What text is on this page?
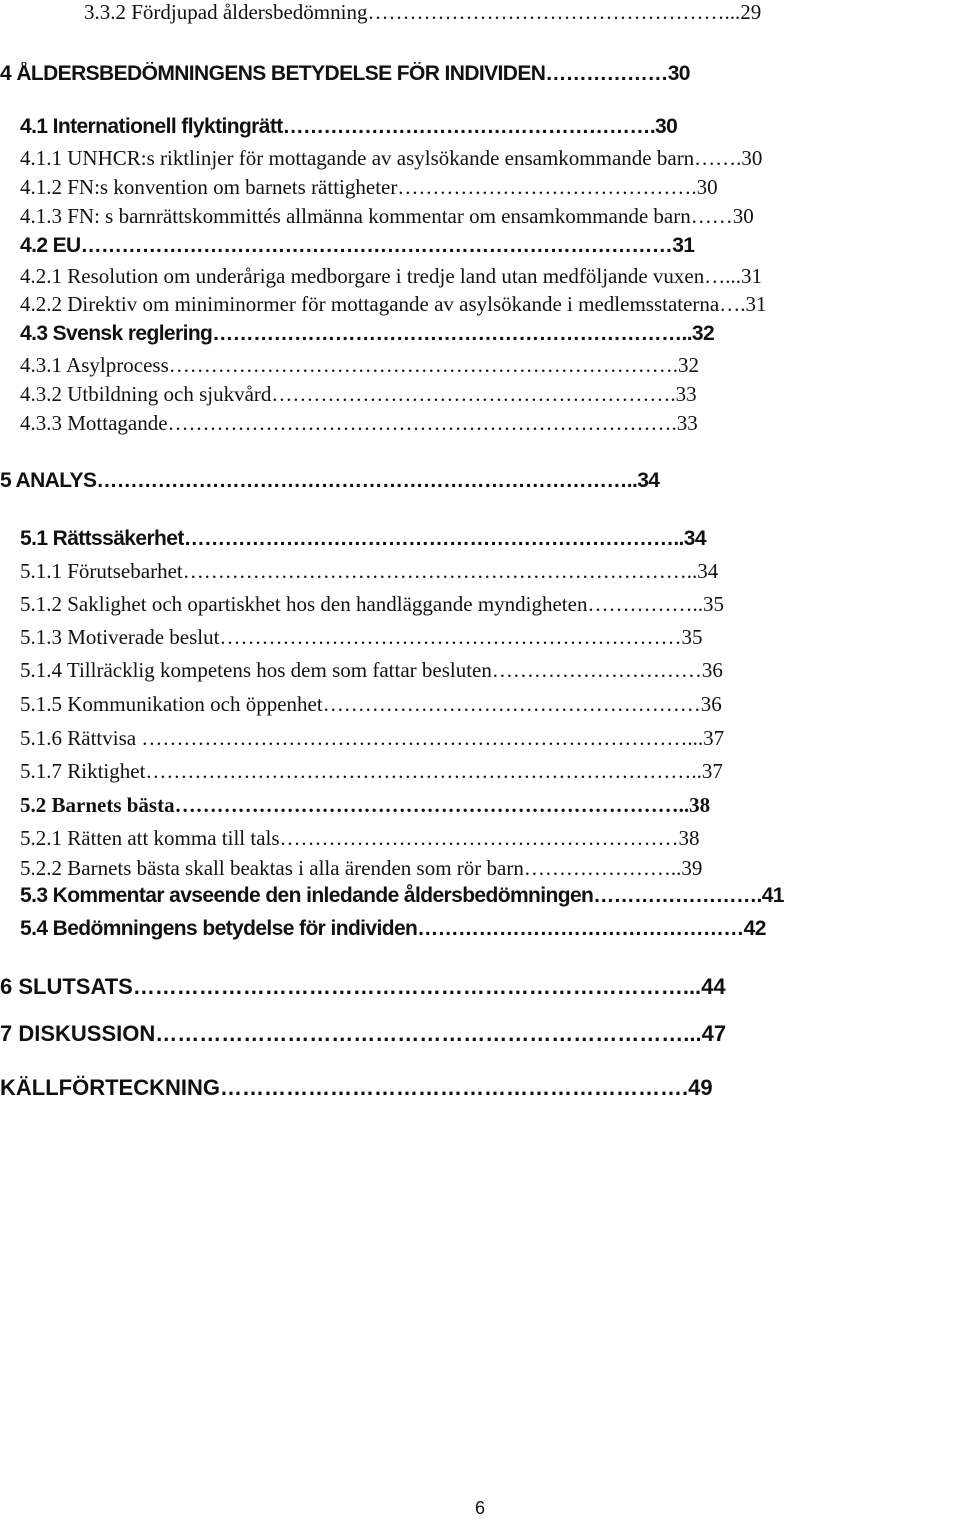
3.3.2 Fördjupad åldersbedömning……………………………………………...29
4 ÅLDERSBEDÖMNINGENS BETYDELSE FÖR INDIVIDEN………………30
4.1 Internationell flyktingrätt……………………………………………….30
4.1.1 UNHCR:s riktlinjer för mottagande av asylsökande ensamkommande barn…….30
4.1.2 FN:s konvention om barnets rättigheter…………………………………….30
4.1.3 FN: s barnrättskommittés allmänna kommentar om ensamkommande barn……30
4.2 EU……………………………………………………………………………31
4.2.1 Resolution om underåriga medborgare i tredje land utan medföljande vuxen…...31
4.2.2 Direktiv om miniminormer för mottagande av asylsökande i medlemsstaterna….31
4.3 Svensk reglering……………………………………………………………..32
4.3.1 Asylprocess……………………………………………………………….32
4.3.2 Utbildning och sjukvård………………………………………………….33
4.3.3 Mottagande……………………………………………………………….33
5 ANALYS……………………………………………………………………..34
5.1 Rättssäkerhet………………………………………………………………..34
5.1.1 Förutsebarhet………………………………………………………………..34
5.1.2 Saklighet och opartiskhet hos den handläggande myndigheten……………..35
5.1.3 Motiverade beslut…………………………………………………………35
5.1.4 Tillräcklig kompetens hos dem som fattar besluten…………………………36
5.1.5 Kommunikation och öppenhet………………………………………………36
5.1.6 Rättvisa ……………………………………………………………………...37
5.1.7 Riktighet……………………………………………………………………..37
5.2 Barnets bästa………………………………………………………………..38
5.2.1 Rätten att komma till tals…………………………………………………38
5.2.2 Barnets bästa skall beaktas i alla ärenden som rör barn…………………..39
5.3 Kommentar avseende den inledande åldersbedömningen…………………….41
5.4 Bedömningens betydelse för individen…………………………………………42
6 SLUTSATS…………………………………………………………………...44
7 DISKUSSION………………………………………………………………...47
KÄLLFÖRTECKNING……………………………………………………….49
6
